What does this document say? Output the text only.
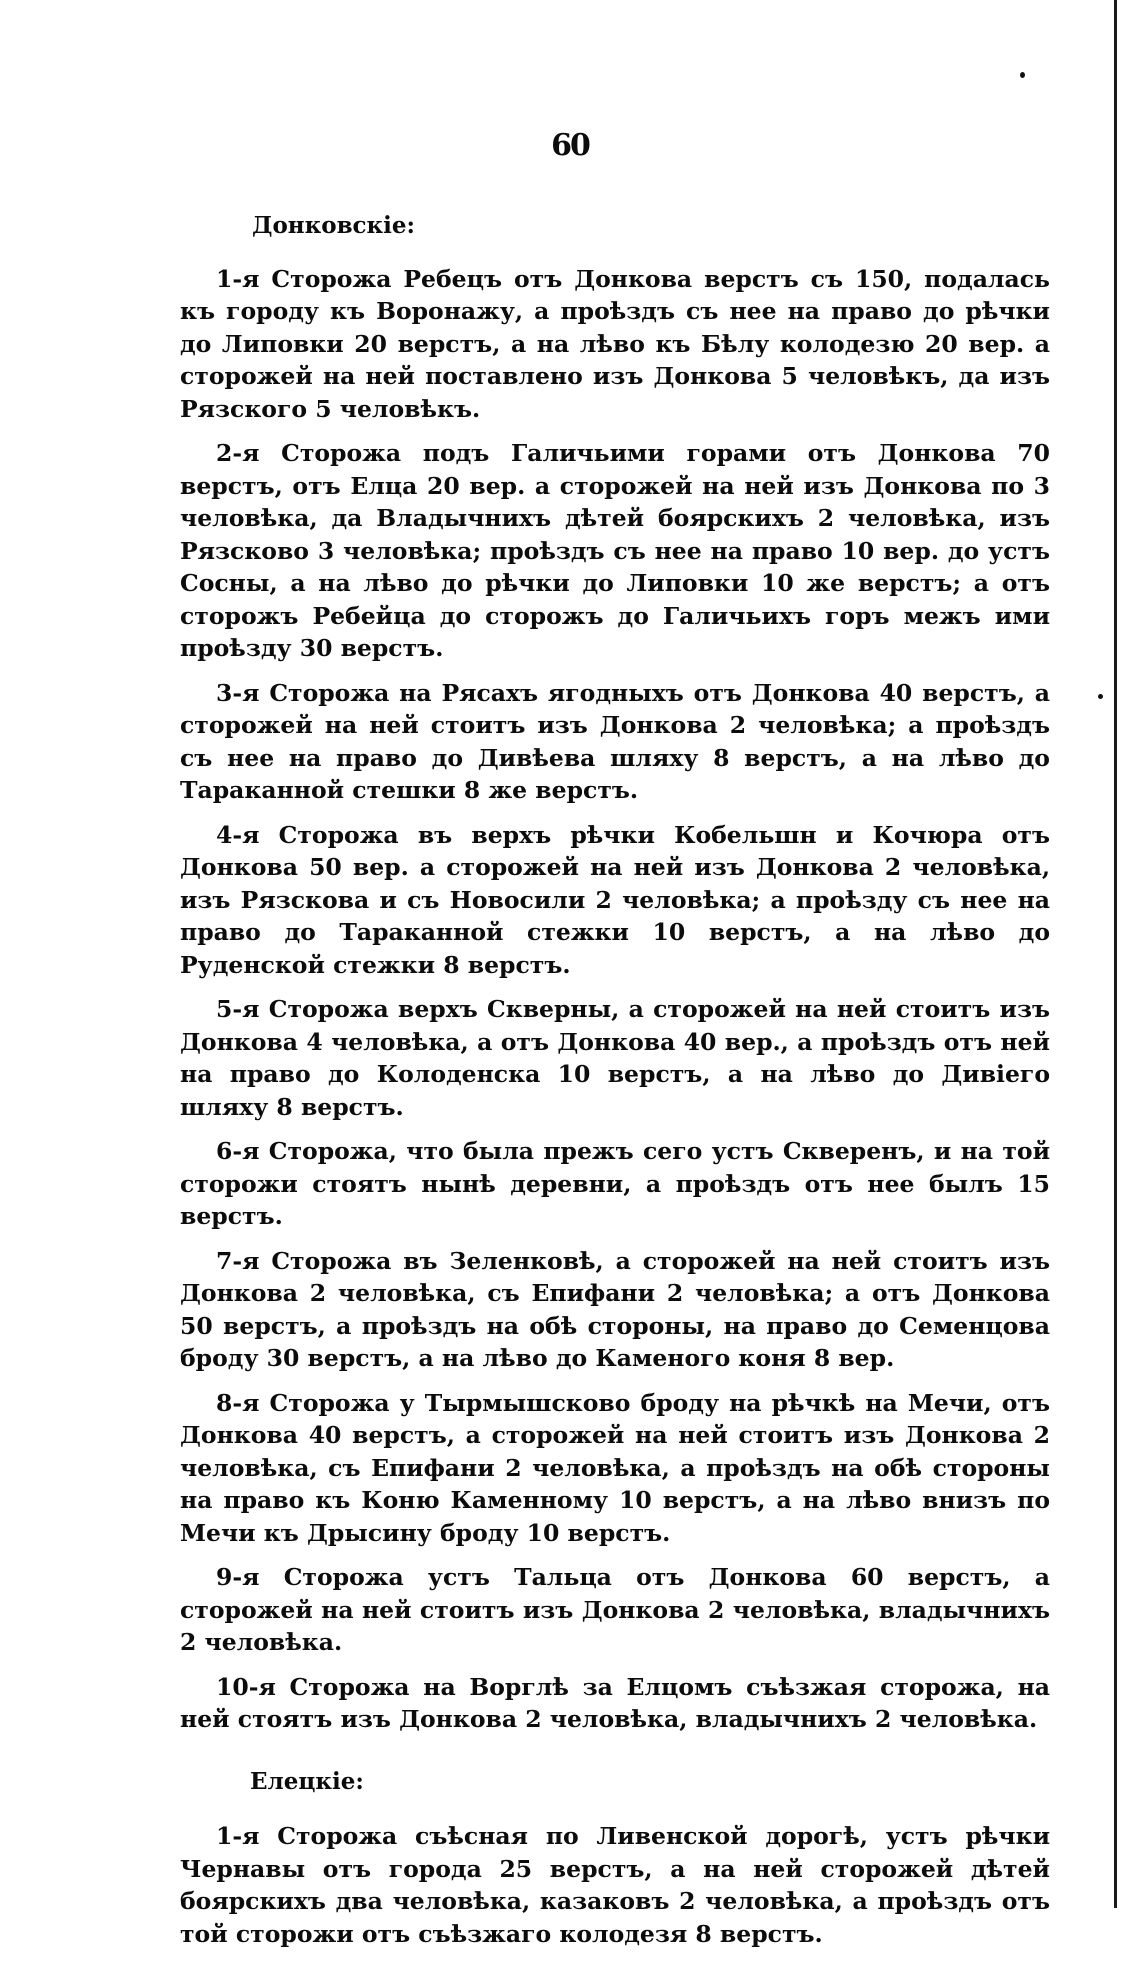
60
Донковскіе:

1-я Сторожа Ребецъ отъ Донкова верстъ съ 150, подалась къ городу къ Воронажу, а проѣздъ съ нее на право до рѣчки до Липовки 20 верстъ, а на лѣво къ Бѣлу колодезю 20 вер. а сторожей на ней поставлено изъ Донкова 5 человѣкъ, да изъ Рязского 5 человѣкъ.

2-я Сторожа подъ Галичьими горами отъ Донкова 70 верстъ, отъ Елца 20 вер. а сторожей на ней изъ Донкова по 3 человѣка, да Владычнихъ дѣтей боярскихъ 2 человѣка, изъ Рязсково 3 человѣка; проѣздъ съ нее на право 10 вер. до устъ Сосны, а на лѣво до рѣчки до Липовки 10 же верстъ; а отъ сторожъ Ребейца до сторожъ до Галичьихъ горъ межъ ими проѣзду 30 верстъ.

3-я Сторожа на Рясахъ ягодныхъ отъ Донкова 40 верстъ, а сторожей на ней стоитъ изъ Донкова 2 человѣка; а проѣздъ съ нее на право до Дивѣева шляху 8 верстъ, а на лѣво до Тараканной стешки 8 же верстъ.

4-я Сторожа въ верхъ рѣчки Кобельшн и Кочюра отъ Донкова 50 вер. а сторожей на ней изъ Донкова 2 человѣка, изъ Рязскова и съ Новосили 2 человѣка; а проѣзду съ нее на право до Тараканной стежки 10 верстъ, а на лѣво до Руденской стежки 8 верстъ.

5-я Сторожа верхъ Скверны, а сторожей на ней стоитъ изъ Донкова 4 человѣка, а отъ Донкова 40 вер., а проѣздъ отъ ней на право до Колоденска 10 верстъ, а на лѣво до Дивіего шляху 8 верстъ.

6-я Сторожа, что была прежъ сего устъ Скверенъ, и на той сторожи стоятъ нынѣ деревни, а проѣздъ отъ нее былъ 15 верстъ.

7-я Сторожа въ Зеленковѣ, а сторожей на ней стоитъ изъ Донкова 2 человѣка, съ Епифани 2 человѣка; а отъ Донкова 50 верстъ, а проѣздъ на обѣ стороны, на право до Семенцова броду 30 верстъ, а на лѣво до Каменого коня 8 вер.

8-я Сторожа у Тырмышсково броду на рѣчкѣ на Мечи, отъ Донкова 40 верстъ, а сторожей на ней стоитъ изъ Донкова 2 человѣка, съ Епифани 2 человѣка, а проѣздъ на обѣ стороны на право къ Коню Каменному 10 верстъ, а на лѣво внизъ по Мечи къ Дрысину броду 10 верстъ.

9-я Сторожа устъ Тальца отъ Донкова 60 верстъ, а сторожей на ней стоитъ изъ Донкова 2 человѣка, владычнихъ 2 человѣка.

10-я Сторожа на Ворглѣ за Елцомъ съѣзжая сторожа, на ней стоятъ изъ Донкова 2 человѣка, владычнихъ 2 человѣка.

Елецкіе:

1-я Сторожа съѣсная по Ливенской дорогѣ, устъ рѣчки Чернавы отъ города 25 верстъ, а на ней сторожей дѣтей боярскихъ два человѣка, казаковъ 2 человѣка, а проѣздъ отъ той сторожи отъ съѣзжаго колодезя 8 верстъ.
